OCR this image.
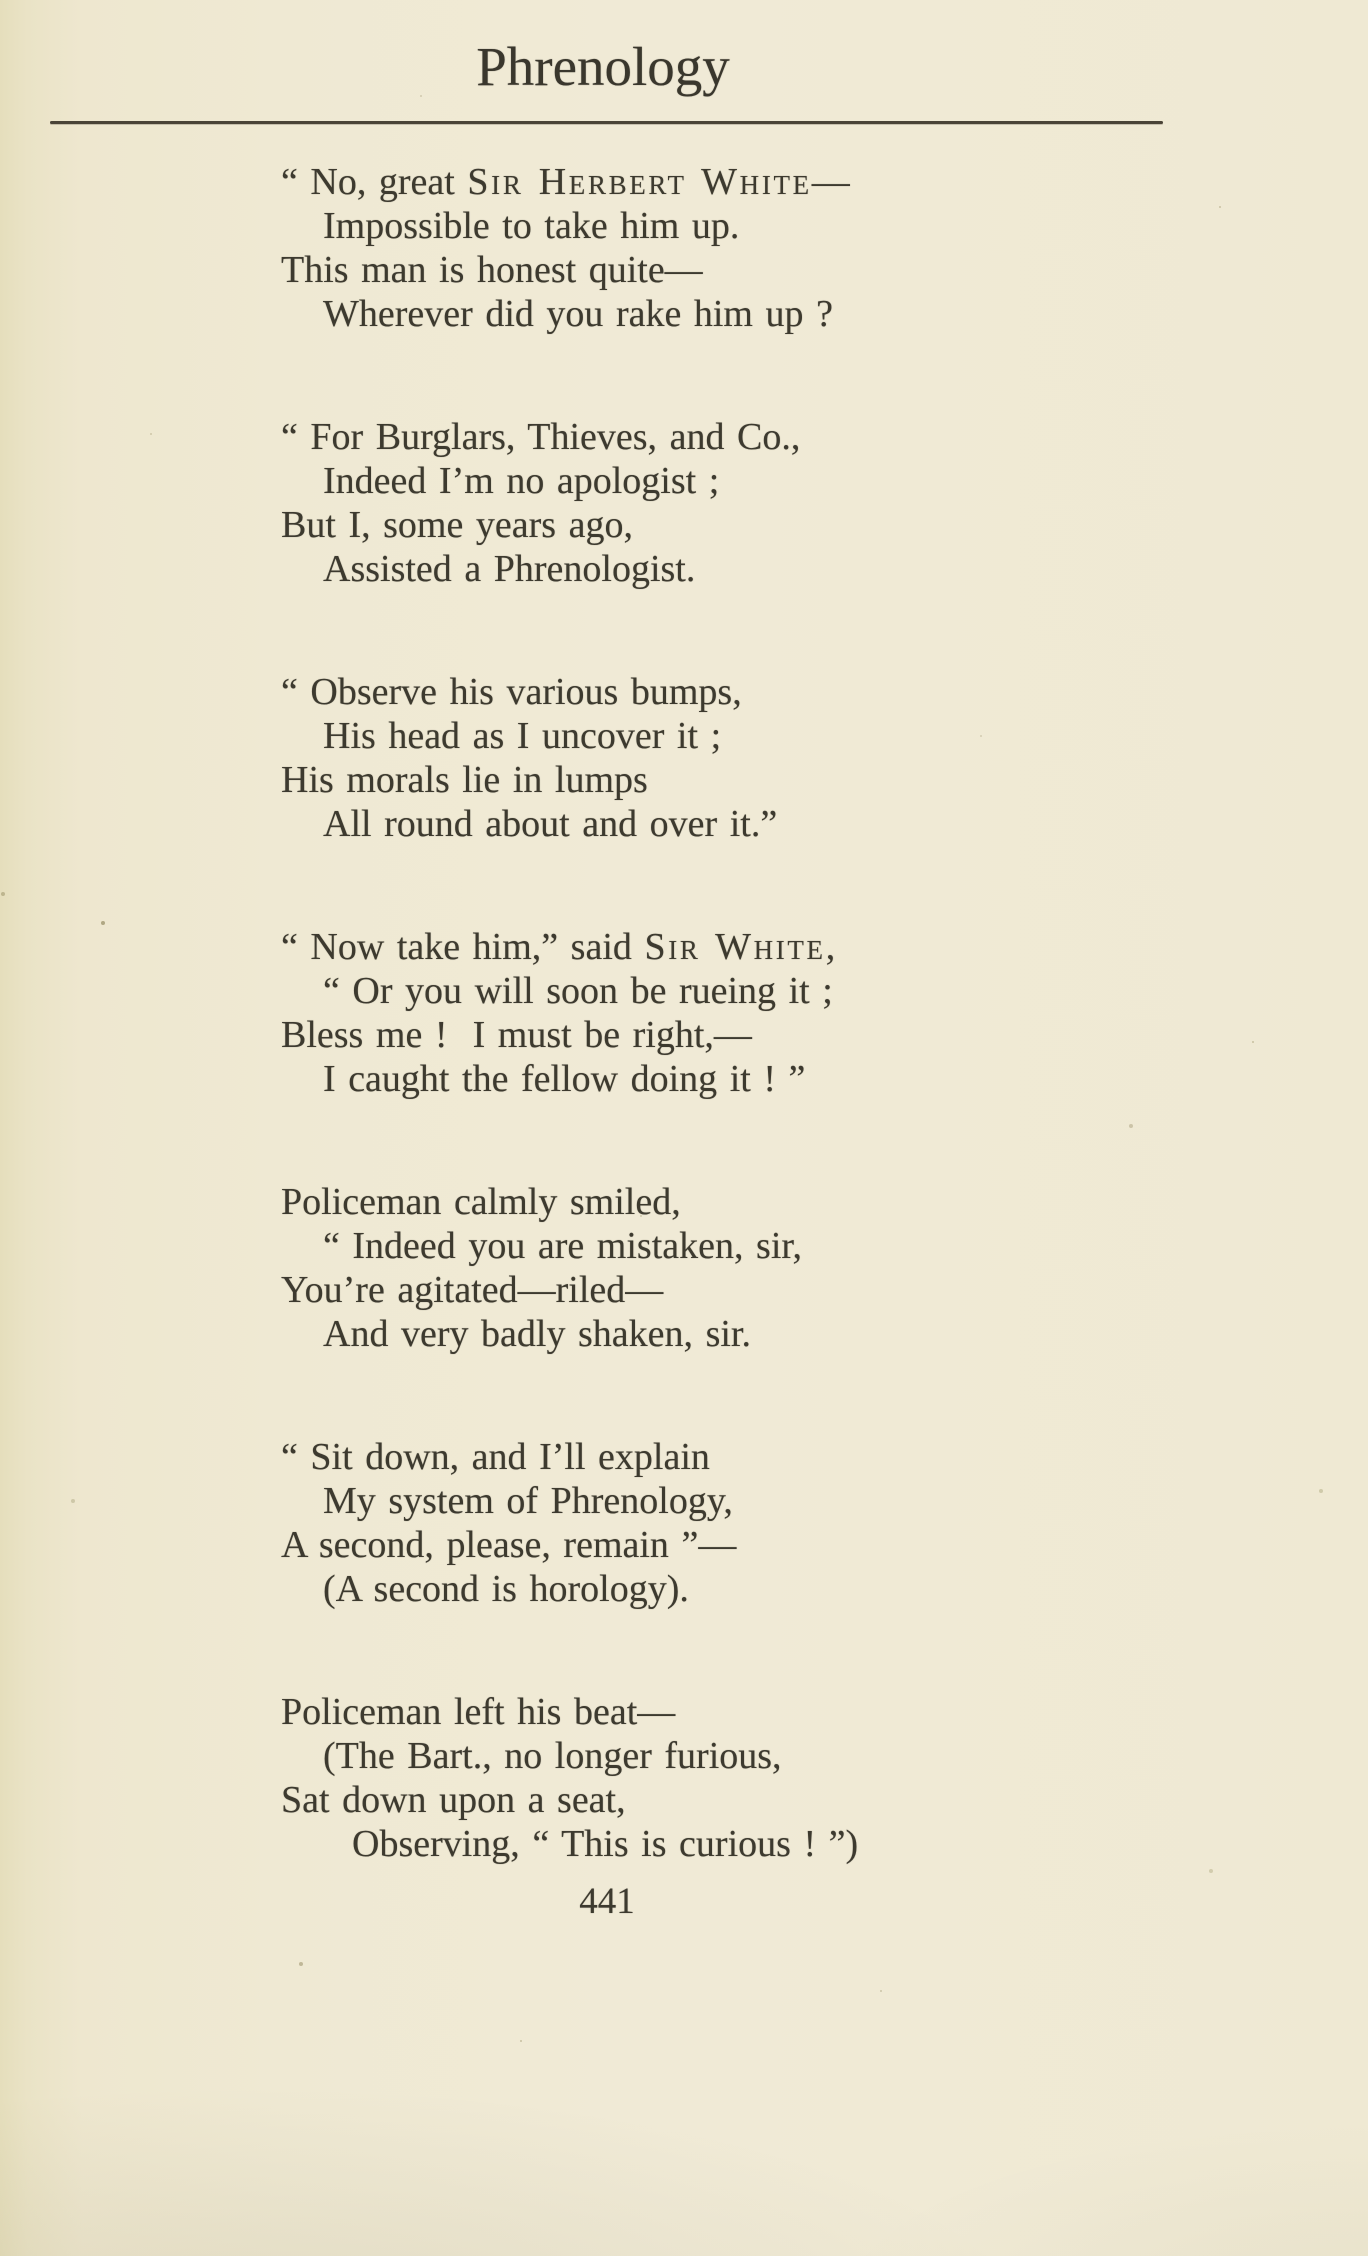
Phrenology
“ No, great Sir Herbert White—
Impossible to take him up.
This man is honest quite—
Wherever did you rake him up ?
“ For Burglars, Thieves, and Co.,
Indeed I’m no apologist ;
But I, some years ago,
Assisted a Phrenologist.
“ Observe his various bumps,
His head as I uncover it ;
His morals lie in lumps
All round about and over it.”
“ Now take him,” said Sir White,
“ Or you will soon be rueing it ;
Bless me !  I must be right,—
I caught the fellow doing it ! ”
Policeman calmly smiled,
“ Indeed you are mistaken, sir,
You’re agitated—riled—
And very badly shaken, sir.
“ Sit down, and I’ll explain
My system of Phrenology,
A second, please, remain ”—
(A second is horology).
Policeman left his beat—
(The Bart., no longer furious,
Sat down upon a seat,
Observing, “ This is curious ! ”)
441
